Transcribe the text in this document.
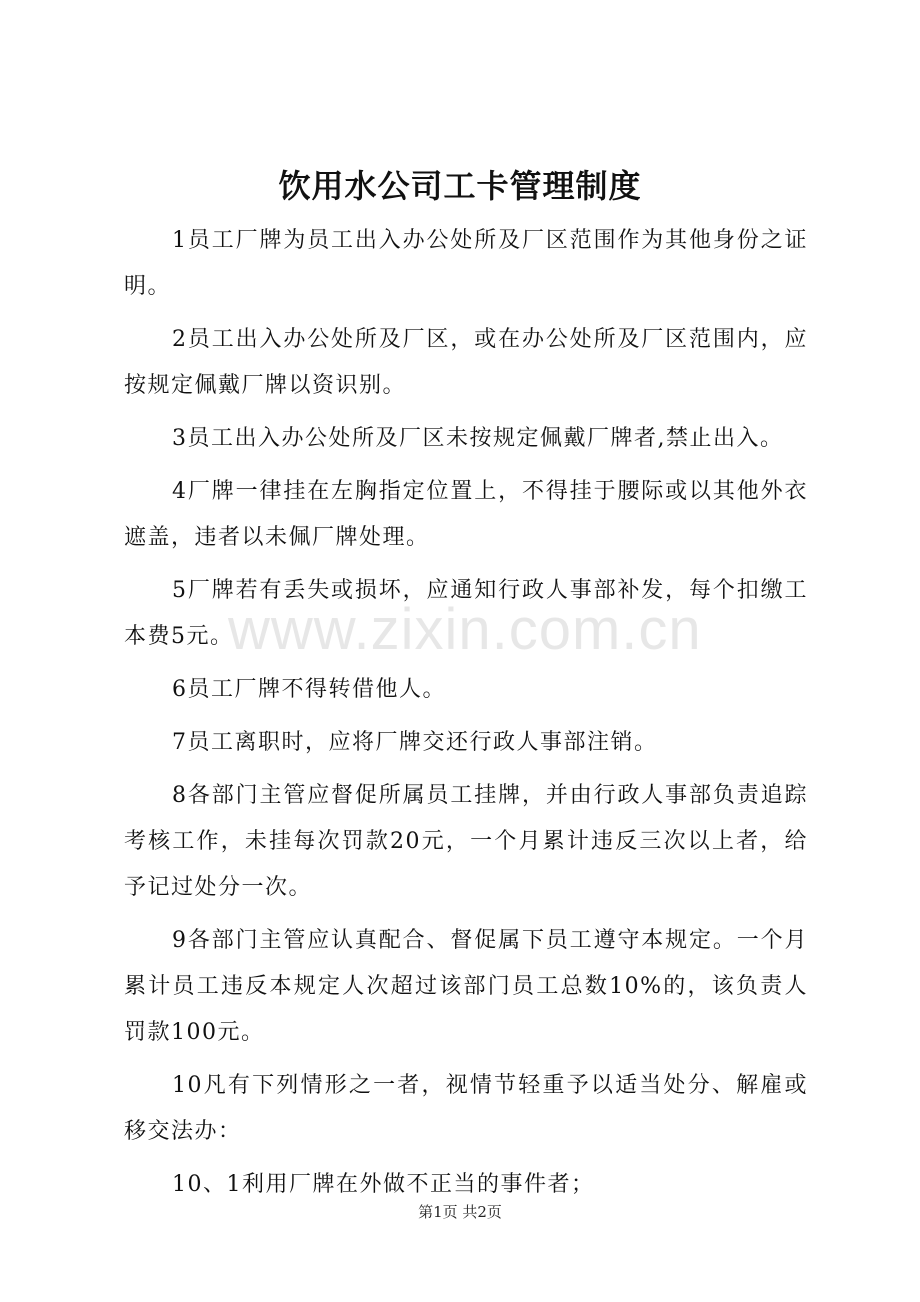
饮用水公司工卡管理制度

1员工厂牌为员工出入办公处所及厂区范围作为其他身份之证明。

2员工出入办公处所及厂区，或在办公处所及厂区范围内，应按规定佩戴厂牌以资识别。

3员工出入办公处所及厂区未按规定佩戴厂牌者,禁止出入。

4厂牌一律挂在左胸指定位置上，不得挂于腰际或以其他外衣遮盖，违者以未佩厂牌处理。

5厂牌若有丢失或损坏，应通知行政人事部补发，每个扣缴工本费5元。

6员工厂牌不得转借他人。

7员工离职时，应将厂牌交还行政人事部注销。

8各部门主管应督促所属员工挂牌，并由行政人事部负责追踪考核工作，未挂每次罚款20元，一个月累计违反三次以上者，给予记过处分一次。

9各部门主管应认真配合、督促属下员工遵守本规定。一个月累计员工违反本规定人次超过该部门员工总数10%的，该负责人罚款100元。

10凡有下列情形之一者，视情节轻重予以适当处分、解雇或移交法办：

10、1利用厂牌在外做不正当的事件者；

www.zixin.com.cn
第1页 共2页
